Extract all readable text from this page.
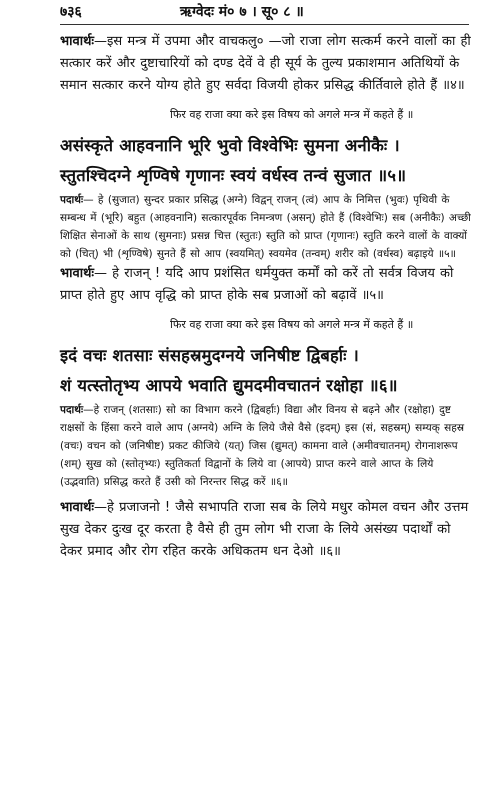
७३६	ऋग्वेदः मं० ७ । सू० ८ ॥

भावार्थः—इस मन्त्र में उपमा और वाचकलु० —जो राजा लोग सत्कर्म करने वालों का ही सत्कार करें और दुष्टाचारियों को दण्ड देवें वे ही सूर्य के तुल्य प्रकाशमान अतिथियों के समान सत्कार करने योग्य होते हुए सर्वदा विजयी होकर प्रसिद्ध कीर्तिवाले होते हैं ॥४॥

फिर वह राजा क्या करे इस विषय को अगले मन्त्र में कहते हैं ॥

असंस्कृते आहवनानि भूरि भुवो विश्वेभिः सुमना अनीकैः ।

स्तुतश्चिदग्ने शृण्विषे गृणानः स्वयं वर्धस्व तन्वं सुजात ॥५॥

पदार्थः— हे (सुजात) सुन्दर प्रकार प्रसिद्ध (अग्ने) विद्वन् राजन् (त्वं) आप के निमित्त (भुवः) पृथिवी के सम्बन्ध में (भूरि) बहुत (आहवनानि) सत्कारपूर्वक निमन्त्रण (असन्) होते हैं (विश्वेभिः) सब (अनीकैः) अच्छी शिक्षित सेनाओं के साथ (सुमनाः) प्रसन्न चित्त (स्तुतः) स्तुति को प्राप्त (गृणानः) स्तुति करने वालों के वाक्यों को (चित्) भी (शृण्विषे) सुनते हैं सो आप (स्वयमित्) स्वयमेव (तन्वम्) शरीर को (वर्धस्व) बढ़ाइये ॥५॥

भावार्थः— हे राजन् ! यदि आप प्रशंसित धर्मयुक्त कर्मों को करें तो सर्वत्र विजय को प्राप्त होते हुए आप वृद्धि को प्राप्त होके सब प्रजाओं को बढ़ावें ॥५॥

फिर वह राजा क्या करे इस विषय को अगले मन्त्र में कहते हैं ॥

इदं वचः शतसाः संसहस्रमुदग्नये जनिषीष्ट द्विबर्हाः ।

शं यत्स्तोतृभ्य आपये भवाति द्युमदमीवचातनं रक्षोहा ॥६॥

पदार्थः—हे राजन् (शतसाः) सो का विभाग करने (द्विबर्हाः) विद्या और विनय से बढ़ने और (रक्षोहा) दुष्ट राक्षसों के हिंसा करने वाले आप (अग्नये) अग्नि के लिये जैसे वैसे (इदम्) इस (सं, सहस्रम्) सम्यक् सहस्र (वचः) वचन को (जनिषीष्ट) प्रकट कीजिये (यत्) जिस (द्युमत्) कामना वाले (अमीवचातनम्) रोगनाशरूप (शम्) सुख को (स्तोतृभ्यः) स्तुतिकर्ता विद्वानों के लिये वा (आपये) प्राप्त करने वाले आप्त के लिये (उद्भवाति) प्रसिद्ध करते हैं उसी को निरन्तर सिद्ध करें ॥६॥

भावार्थः—हे प्रजाजनो ! जैसे सभापति राजा सब के लिये मधुर कोमल वचन और उत्तम सुख देकर दुःख दूर करता है वैसे ही तुम लोग भी राजा के लिये असंख्य पदार्थों को देकर प्रमाद और रोग रहित करके अधिकतम धन देओ ॥६॥
